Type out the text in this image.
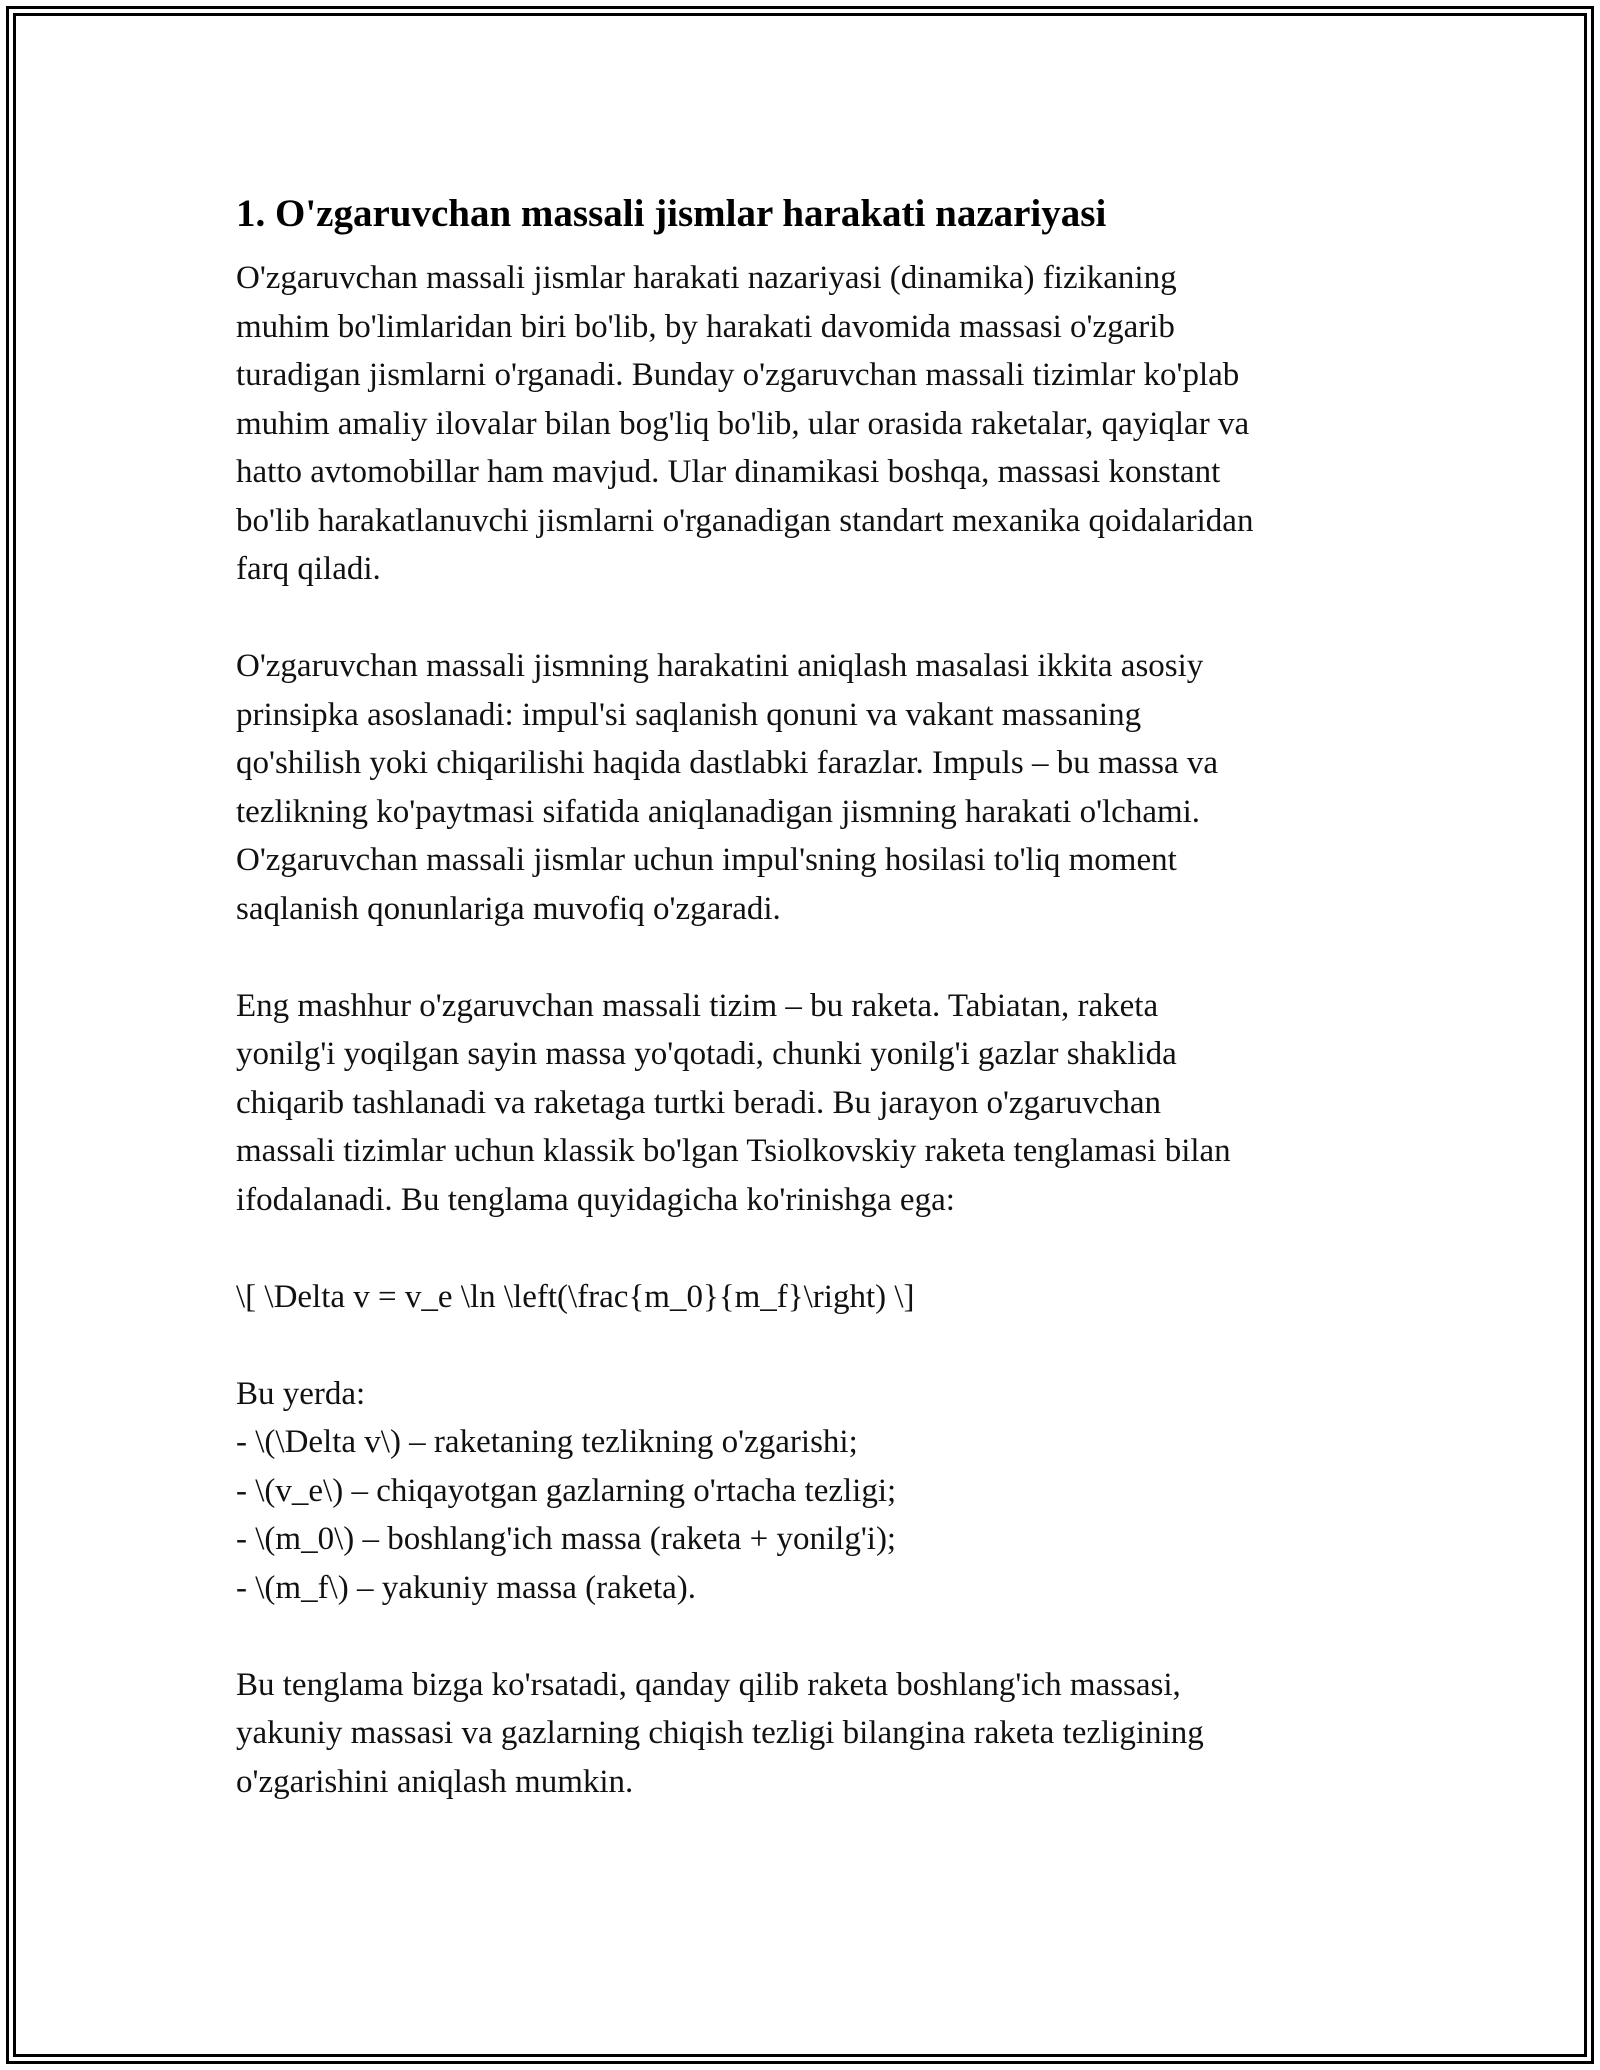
1. O'zgaruvchan massali jismlar harakati nazariyasi
O'zgaruvchan massali jismlar harakati nazariyasi (dinamika) fizikaning
muhim bo'limlaridan biri bo'lib, by harakati davomida massasi o'zgarib
turadigan jismlarni o'rganadi. Bunday o'zgaruvchan massali tizimlar ko'plab
muhim amaliy ilovalar bilan bog'liq bo'lib, ular orasida raketalar, qayiqlar va
hatto avtomobillar ham mavjud. Ular dinamikasi boshqa, massasi konstant
bo'lib harakatlanuvchi jismlarni o'rganadigan standart mexanika qoidalaridan
farq qiladi.

O'zgaruvchan massali jismning harakatini aniqlash masalasi ikkita asosiy
prinsipka asoslanadi: impul'si saqlanish qonuni va vakant massaning
qo'shilish yoki chiqarilishi haqida dastlabki farazlar. Impuls – bu massa va
tezlikning ko'paytmasi sifatida aniqlanadigan jismning harakati o'lchami.
O'zgaruvchan massali jismlar uchun impul'sning hosilasi to'liq moment
saqlanish qonunlariga muvofiq o'zgaradi.

Eng mashhur o'zgaruvchan massali tizim – bu raketa. Tabiatan, raketa
yonilg'i yoqilgan sayin massa yo'qotadi, chunki yonilg'i gazlar shaklida
chiqarib tashlanadi va raketaga turtki beradi. Bu jarayon o'zgaruvchan
massali tizimlar uchun klassik bo'lgan Tsiolkovskiy raketa tenglamasi bilan
ifodalanadi. Bu tenglama quyidagicha ko'rinishga ega:

\[ \Delta v = v_e \ln \left(\frac{m_0}{m_f}\right) \]

Bu yerda:
- \(\Delta v\) – raketaning tezlikning o'zgarishi;
- \(v_e\) – chiqayotgan gazlarning o'rtacha tezligi;
- \(m_0\) – boshlang'ich massa (raketa + yonilg'i);
- \(m_f\) – yakuniy massa (raketa).

Bu tenglama bizga ko'rsatadi, qanday qilib raketa boshlang'ich massasi,
yakuniy massasi va gazlarning chiqish tezligi bilangina raketa tezligining
o'zgarishini aniqlash mumkin.
